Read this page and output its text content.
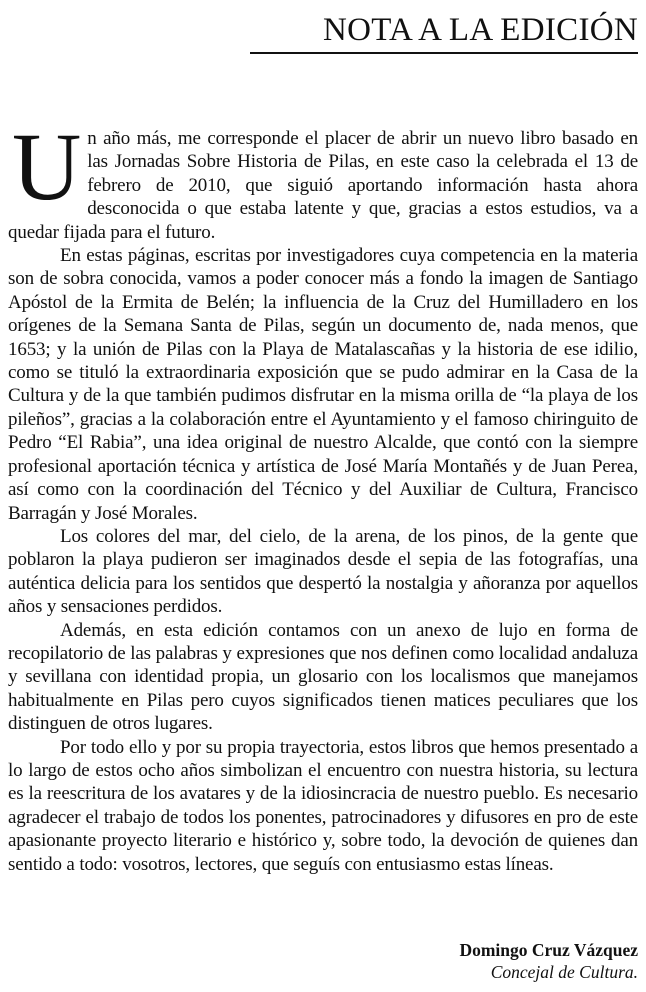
NOTA A LA EDICIÓN

Un año más, me corresponde el placer de abrir un nuevo libro basado en las Jornadas Sobre Historia de Pilas, en este caso la celebrada el 13 de febrero de 2010, que siguió aportando información hasta ahora desconocida o que estaba latente y que, gracias a estos estudios, va a quedar fijada para el futuro.

En estas páginas, escritas por investigadores cuya competencia en la materia son de sobra conocida, vamos a poder conocer más a fondo la imagen de Santiago Apóstol de la Ermita de Belén; la influencia de la Cruz del Humilladero en los orígenes de la Semana Santa de Pilas, según un documento de, nada menos, que 1653; y la unión de Pilas con la Playa de Matalascañas y la historia de ese idilio, como se tituló la extraordinaria exposición que se pudo admirar en la Casa de la Cultura y de la que también pudimos disfrutar en la misma orilla de “la playa de los pileños”, gracias a la colaboración entre el Ayuntamiento y el famoso chiringuito de Pedro “El Rabia”, una idea original de nuestro Alcalde, que contó con la siempre profesional aportación técnica y artística de José María Montañés y de Juan Perea, así como con la coordinación del Técnico y del Auxiliar de Cultura, Francisco Barragán y José Morales.

Los colores del mar, del cielo, de la arena, de los pinos, de la gente que poblaron la playa pudieron ser imaginados desde el sepia de las fotografías, una auténtica delicia para los sentidos que despertó la nostalgia y añoranza por aquellos años y sensaciones perdidos.

Además, en esta edición contamos con un anexo de lujo en forma de recopilatorio de las palabras y expresiones que nos definen como localidad andaluza y sevillana con identidad propia, un glosario con los localismos que manejamos habitualmente en Pilas pero cuyos significados tienen matices peculiares que los distinguen de otros lugares.

Por todo ello y por su propia trayectoria, estos libros que hemos presentado a lo largo de estos ocho años simbolizan el encuentro con nuestra historia, su lectura es la reescritura de los avatares y de la idiosincracia de nuestro pueblo. Es necesario agradecer el trabajo de todos los ponentes, patrocinadores y difusores en pro de este apasionante proyecto literario e histórico y, sobre todo, la devoción de quienes dan sentido a todo: vosotros, lectores, que seguís con entusiasmo estas líneas.

Domingo Cruz Vázquez
Concejal de Cultura.
